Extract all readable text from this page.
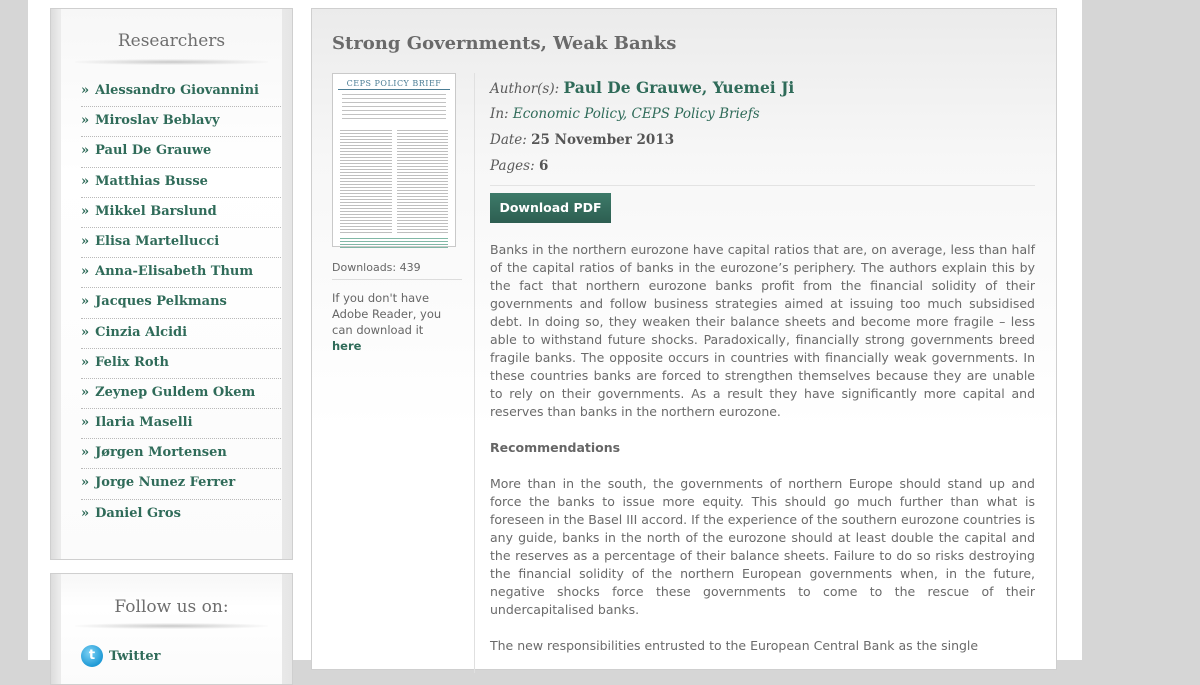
Researchers
» Alessandro Giovannini
» Miroslav Beblavy
» Paul De Grauwe
» Matthias Busse
» Mikkel Barslund
» Elisa Martellucci
» Anna-Elisabeth Thum
» Jacques Pelkmans
» Cinzia Alcidi
» Felix Roth
» Zeynep Guldem Okem
» Ilaria Maselli
» Jørgen Mortensen
» Jorge Nunez Ferrer
» Daniel Gros
Follow us on:
t	Twitter
Strong Governments, Weak Banks
CEPS POLICY BRIEF
Downloads: 439
If you don't have Adobe Reader, you can download it
here
Author(s): Paul De Grauwe, Yuemei Ji
In: Economic Policy, CEPS Policy Briefs
Date: 25 November 2013
Pages: 6
Download PDF

Banks in the northern eurozone have capital ratios that are, on average, less than half of the capital ratios of banks in the eurozone’s periphery. The authors explain this by the fact that northern eurozone banks profit from the financial solidity of their governments and follow business strategies aimed at issuing too much subsidised debt. In doing so, they weaken their balance sheets and become more fragile – less able to withstand future shocks. Paradoxically, financially strong governments breed fragile banks. The opposite occurs in countries with financially weak governments. In these countries banks are forced to strengthen themselves because they are unable to rely on their governments. As a result they have significantly more capital and reserves than banks in the northern eurozone.

Recommendations

More than in the south, the governments of northern Europe should stand up and force the banks to issue more equity. This should go much further than what is foreseen in the Basel III accord. If the experience of the southern eurozone countries is any guide, banks in the north of the eurozone should at least double the capital and the reserves as a percentage of their balance sheets. Failure to do so risks destroying the financial solidity of the northern European governments when, in the future, negative shocks force these governments to come to the rescue of their undercapitalised banks.

The new responsibilities entrusted to the European Central Bank as the single
